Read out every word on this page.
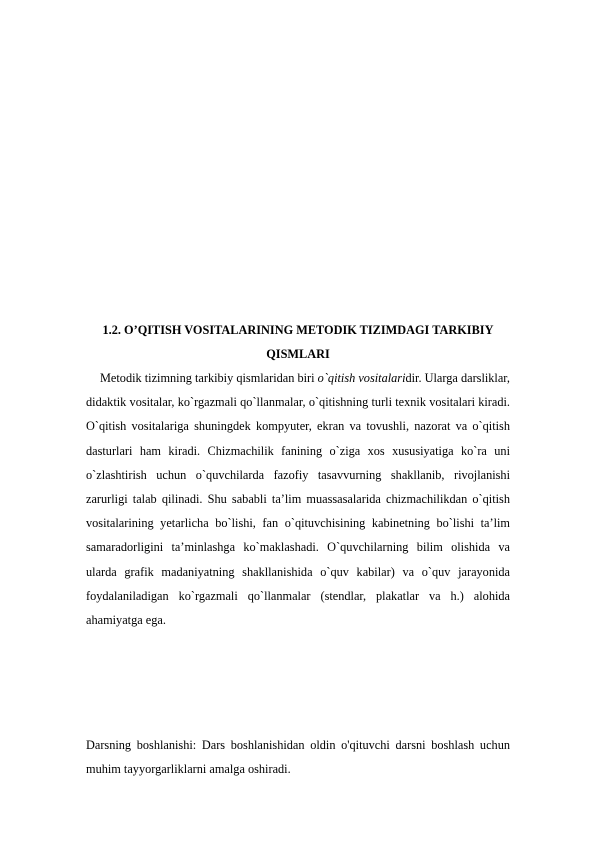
1.2. O’QITISH VOSITALARINING METODIK TIZIMDAGI TARKIBIY
QISMLARI

Metodik tizimning tarkibiy qismlaridan biri o`qitish vositalaridir. Ularga darsliklar, didaktik vositalar, ko`rgazmali qo`llanmalar, o`qitishning turli texnik vositalari kiradi. O`qitish vositalariga shuningdek kompyuter, ekran va tovushli, nazorat va o`qitish dasturlari ham kiradi. Chizmachilik fanining o`ziga xos xususiyatiga ko`ra uni o`zlashtirish uchun o`quvchilarda fazofiy tasavvurning shakllanib, rivojlanishi zarurligi talab qilinadi. Shu sababli ta’lim muassasalarida chizmachilikdan o`qitish vositalarining yetarlicha bo`lishi, fan o`qituvchisining kabinetning bo`lishi ta’lim samaradorligini ta’minlashga ko`maklashadi. O`quvchilarning bilim olishida va ularda grafik madaniyatning shakllanishida o`quv kabilar) va o`quv jarayonida foydalaniladigan ko`rgazmali qo`llanmalar (stendlar, plakatlar va h.) alohida ahamiyatga ega.

Darsning boshlanishi: Dars boshlanishidan oldin o'qituvchi darsni boshlash uchun muhim tayyorgarliklarni amalga oshiradi.
